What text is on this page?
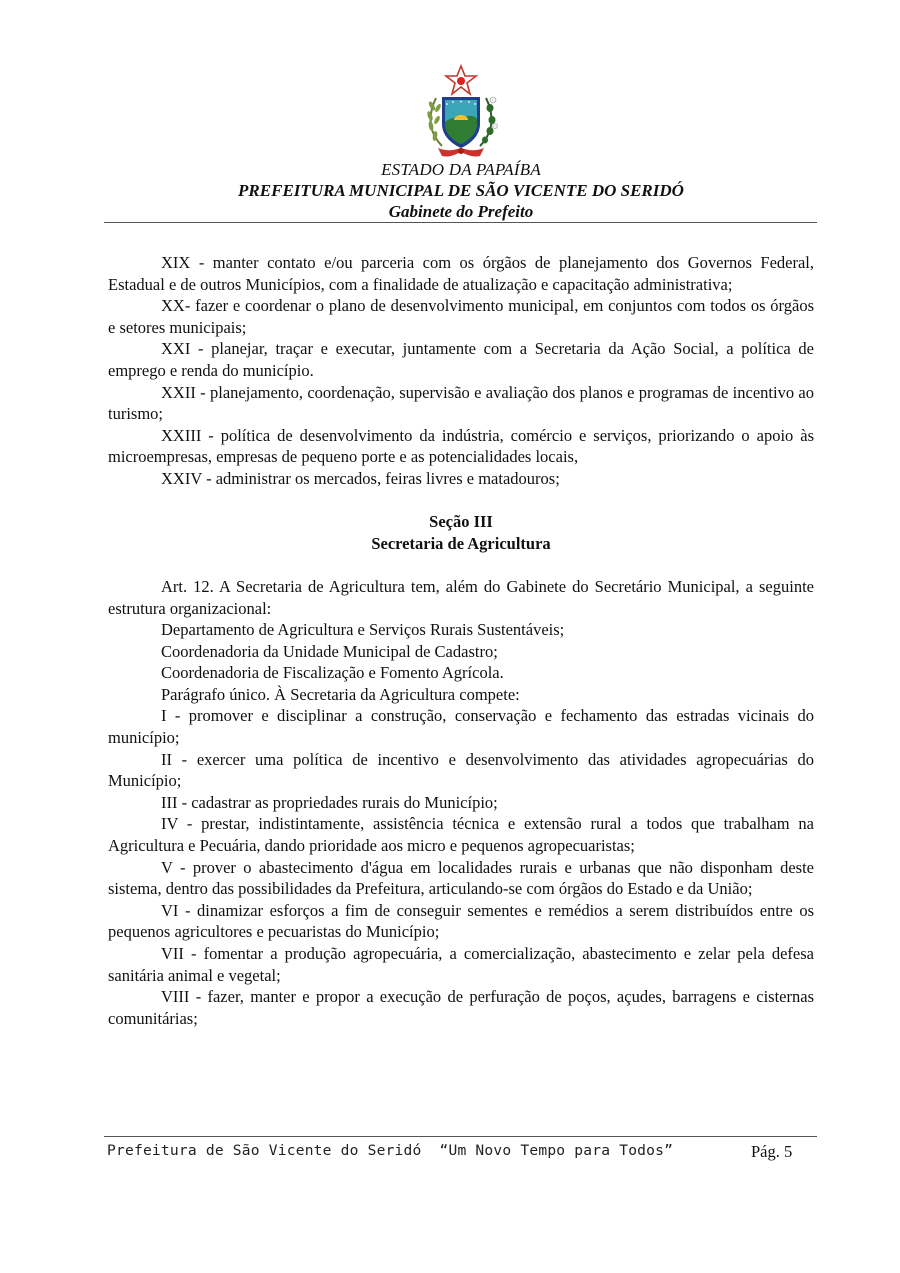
ESTADO DA PAPAÍBA
PREFEITURA MUNICIPAL DE SÃO VICENTE DO SERIDÓ
Gabinete do Prefeito

XIX - manter contato e/ou parceria com os órgãos de planejamento dos Governos Federal, Estadual e de outros Municípios, com a finalidade de atualização e capacitação administrativa;

XX- fazer e coordenar o plano de desenvolvimento municipal, em conjuntos com todos os órgãos e setores municipais;

XXI - planejar, traçar e executar, juntamente com a Secretaria da Ação Social, a política de emprego e renda do município.

XXII - planejamento, coordenação, supervisão e avaliação dos planos e programas de incentivo ao turismo;

XXIII - política de desenvolvimento da indústria, comércio e serviços, priorizando o apoio às microempresas, empresas de pequeno porte e as potencialidades locais,

XXIV - administrar os mercados, feiras livres e matadouros;

Seção III

Secretaria de Agricultura

Art. 12. A Secretaria de Agricultura tem, além do Gabinete do Secretário Municipal, a seguinte estrutura organizacional:

Departamento de Agricultura e Serviços Rurais Sustentáveis;

Coordenadoria da Unidade Municipal de Cadastro;

Coordenadoria de Fiscalização e Fomento Agrícola.

Parágrafo único. À Secretaria da Agricultura compete:

I - promover e disciplinar a construção, conservação e fechamento das estradas vicinais do município;

II - exercer uma política de incentivo e desenvolvimento das atividades agropecuárias do Município;

III - cadastrar as propriedades rurais do Município;

IV - prestar, indistintamente, assistência técnica e extensão rural a todos que trabalham na Agricultura e Pecuária, dando prioridade aos micro e pequenos agropecuaristas;

V - prover o abastecimento d'água em localidades rurais e urbanas que não disponham deste sistema, dentro das possibilidades da Prefeitura, articulando-se com órgãos do Estado e da União;

VI - dinamizar esforços a fim de conseguir sementes e remédios a serem distribuídos entre os pequenos agricultores e pecuaristas do Município;

VII - fomentar a produção agropecuária, a comercialização, abastecimento e zelar pela defesa sanitária animal e vegetal;

VIII - fazer, manter e propor a execução de perfuração de poços, açudes, barragens e cisternas comunitárias;

Prefeitura de São Vicente do Seridó  “Um Novo Tempo para Todos”	Pág. 5
